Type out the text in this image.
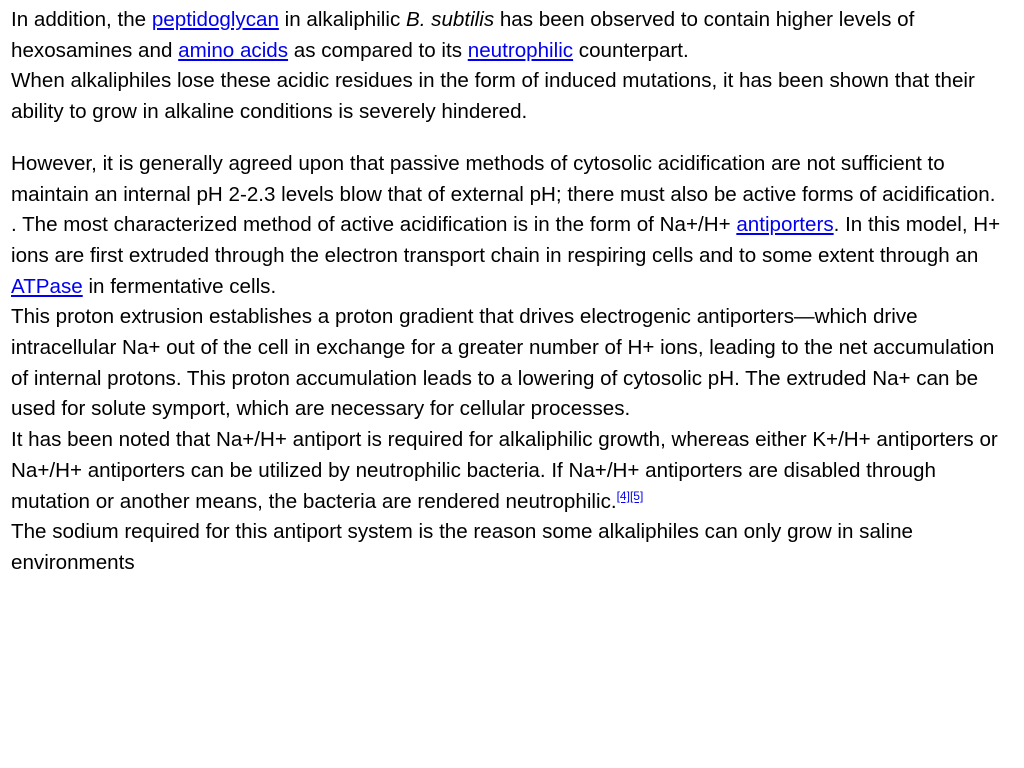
In addition, the peptidoglycan in alkaliphilic B. subtilis has been observed to contain higher levels of hexosamines and amino acids as compared to its neutrophilic counterpart.
When alkaliphiles lose these acidic residues in the form of induced mutations, it has been shown that their ability to grow in alkaline conditions is severely hindered.

However, it is generally agreed upon that passive methods of cytosolic acidification are not sufficient to maintain an internal pH 2-2.3 levels blow that of external pH; there must also be active forms of acidification.
. The most characterized method of active acidification is in the form of Na+/H+ antiporters. In this model, H+ ions are first extruded through the electron transport chain in respiring cells and to some extent through an ATPase in fermentative cells.
This proton extrusion establishes a proton gradient that drives electrogenic antiporters—which drive intracellular Na+ out of the cell in exchange for a greater number of H+ ions, leading to the net accumulation of internal protons. This proton accumulation leads to a lowering of cytosolic pH. The extruded Na+ can be used for solute symport, which are necessary for cellular processes.
It has been noted that Na+/H+ antiport is required for alkaliphilic growth, whereas either K+/H+ antiporters or Na+/H+ antiporters can be utilized by neutrophilic bacteria. If Na+/H+ antiporters are disabled through mutation or another means, the bacteria are rendered neutrophilic.[4][5]
The sodium required for this antiport system is the reason some alkaliphiles can only grow in saline environments
